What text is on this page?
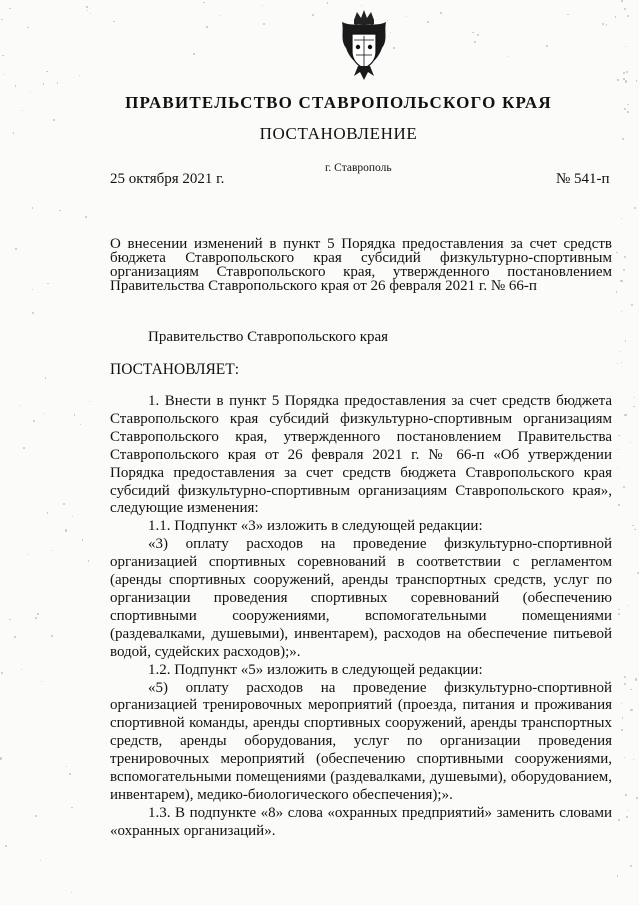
ПРАВИТЕЛЬСТВО СТАВРОПОЛЬСКОГО КРАЯ
ПОСТАНОВЛЕНИЕ
25 октября 2021 г.
г. Ставрополь
№ 541-п
О внесении изменений в пункт 5 Порядка предоставления за счет средств бюджета Ставропольского края субсидий физкультурно-спортивным организациям Ставропольского края, утвержденного постановлением Правительства Ставропольского края от 26 февраля 2021 г. № 66-п
Правительство Ставропольского края
ПОСТАНОВЛЯЕТ:

1. Внести в пункт 5 Порядка предоставления за счет средств бюджета Ставропольского края субсидий физкультурно-спортивным организациям Ставропольского края, утвержденного постановлением Правительства Ставропольского края от 26 февраля 2021 г. № 66-п «Об утверждении Порядка предоставления за счет средств бюджета Ставропольского края субсидий физкультурно-спортивным организациям Ставропольского края», следующие изменения:

1.1. Подпункт «3» изложить в следующей редакции:

«3) оплату расходов на проведение физкультурно-спортивной организацией спортивных соревнований в соответствии с регламентом (аренды спортивных сооружений, аренды транспортных средств, услуг по организации проведения спортивных соревнований (обеспечению спортивными сооружениями, вспомогательными помещениями (раздевалками, душевыми), инвентарем), расходов на обеспечение питьевой водой, судейских расходов);».

1.2. Подпункт «5» изложить в следующей редакции:

«5) оплату расходов на проведение физкультурно-спортивной организацией тренировочных мероприятий (проезда, питания и проживания спортивной команды, аренды спортивных сооружений, аренды транспортных средств, аренды оборудования, услуг по организации проведения тренировочных мероприятий (обеспечению спортивными сооружениями, вспомогательными помещениями (раздевалками, душевыми), оборудованием, инвентарем), медико-биологического обеспечения);».

1.3. В подпункте «8» слова «охранных предприятий» заменить словами «охранных организаций».
